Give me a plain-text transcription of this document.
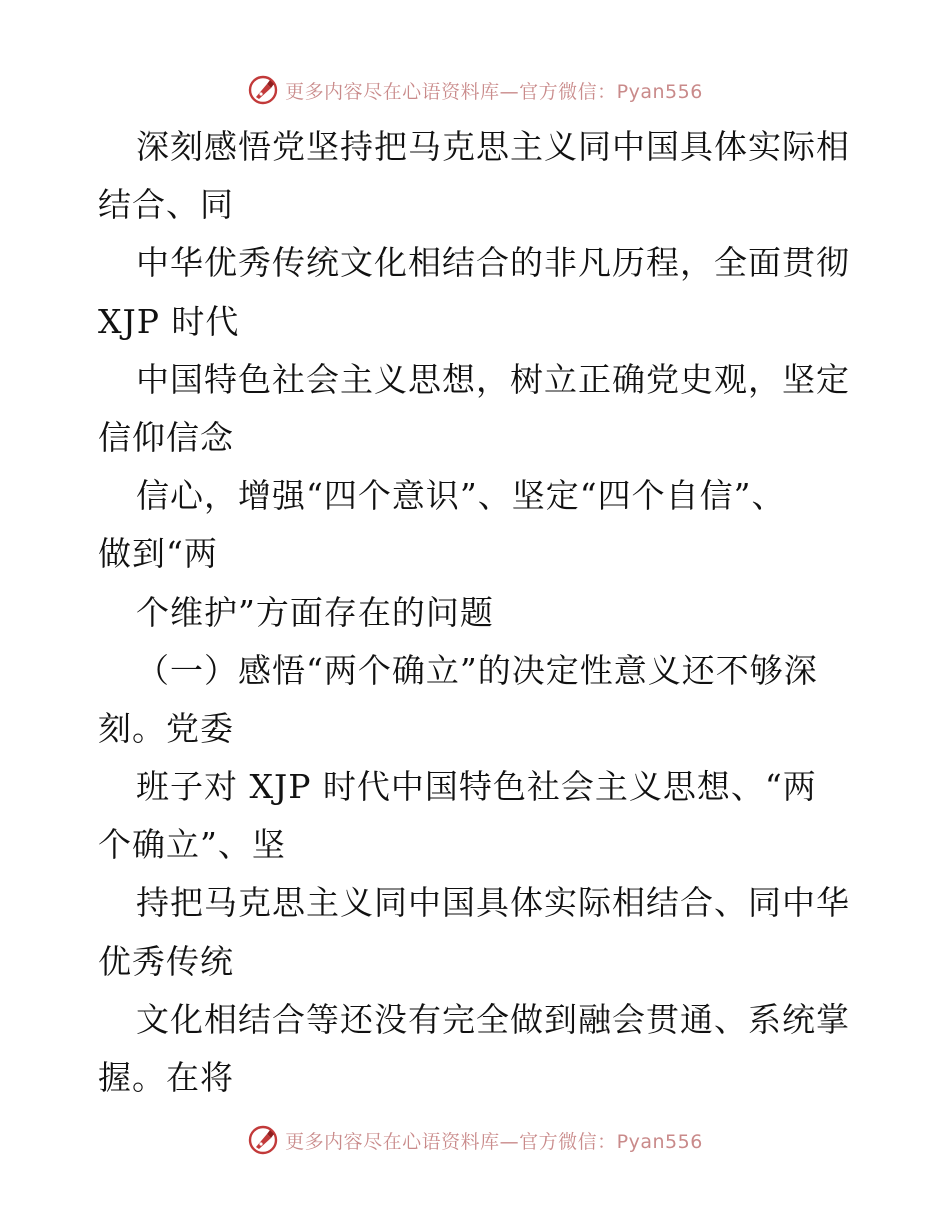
更多内容尽在心语资料库—官方微信：Pyan556
深刻感悟党坚持把马克思主义同中国具体实际相
结合、同
中华优秀传统文化相结合的非凡历程，全面贯彻
XJP 时代
中国特色社会主义思想，树立正确党史观，坚定
信仰信念
信心，增强“四个意识”、坚定“四个自信”、
做到“两
个维护”方面存在的问题
（一）感悟“两个确立”的决定性意义还不够深
刻。党委
班子对 XJP 时代中国特色社会主义思想、“两
个确立”、坚
持把马克思主义同中国具体实际相结合、同中华
优秀传统
文化相结合等还没有完全做到融会贯通、系统掌
握。在将
更多内容尽在心语资料库—官方微信：Pyan556
